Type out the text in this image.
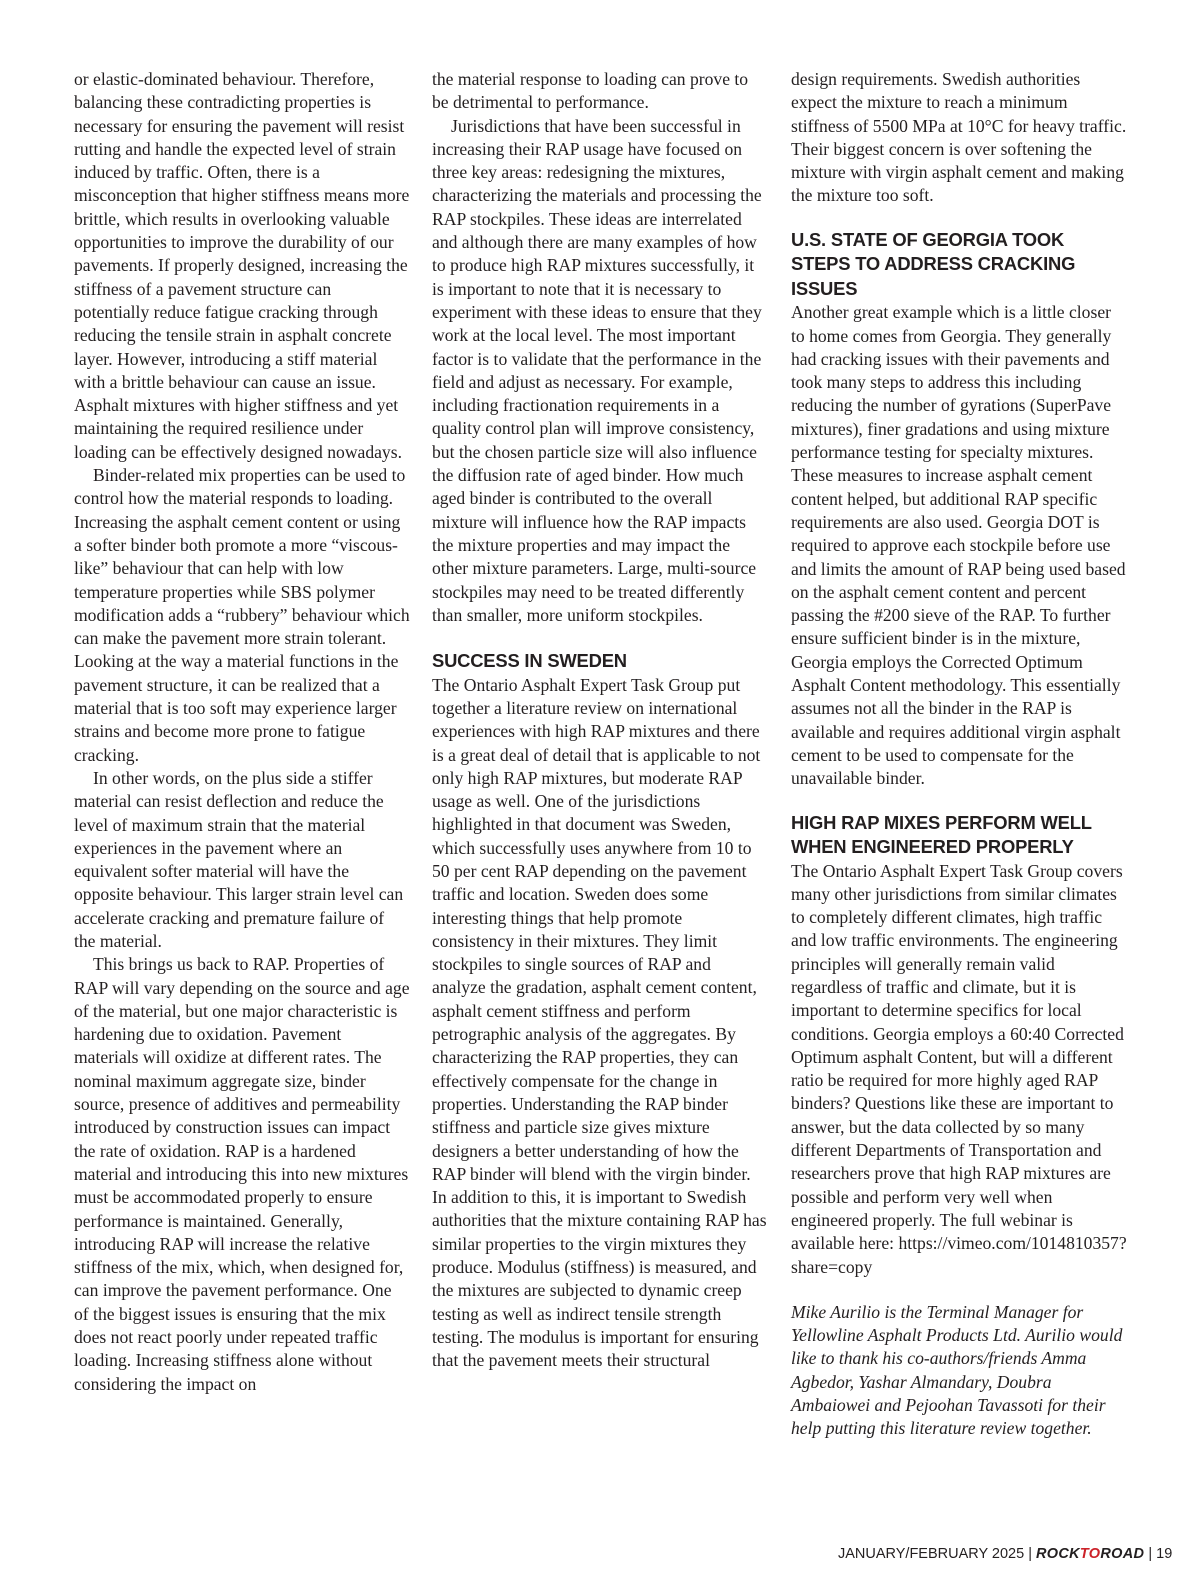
or elastic-dominated behaviour. Therefore, balancing these contradicting properties is necessary for ensuring the pavement will resist rutting and handle the expected level of strain induced by traffic. Often, there is a misconception that higher stiffness means more brittle, which results in overlooking valuable opportunities to improve the durability of our pavements. If properly designed, increasing the stiffness of a pavement structure can potentially reduce fatigue cracking through reducing the tensile strain in asphalt concrete layer. However, introducing a stiff material with a brittle behaviour can cause an issue. Asphalt mixtures with higher stiffness and yet maintaining the required resilience under loading can be effectively designed nowadays.

Binder-related mix properties can be used to control how the material responds to loading. Increasing the asphalt cement content or using a softer binder both promote a more “viscous-like” behaviour that can help with low temperature properties while SBS polymer modification adds a “rubbery” behaviour which can make the pavement more strain tolerant. Looking at the way a material functions in the pavement structure, it can be realized that a material that is too soft may experience larger strains and become more prone to fatigue cracking.

In other words, on the plus side a stiffer material can resist deflection and reduce the level of maximum strain that the material experiences in the pavement where an equivalent softer material will have the opposite behaviour. This larger strain level can accelerate cracking and premature failure of the material.

This brings us back to RAP. Properties of RAP will vary depending on the source and age of the material, but one major characteristic is hardening due to oxidation. Pavement materials will oxidize at different rates. The nominal maximum aggregate size, binder source, presence of additives and permeability introduced by construction issues can impact the rate of oxidation. RAP is a hardened material and introducing this into new mixtures must be accommodated properly to ensure performance is maintained. Generally, introducing RAP will increase the relative stiffness of the mix, which, when designed for, can improve the pavement performance. One of the biggest issues is ensuring that the mix does not react poorly under repeated traffic loading. Increasing stiffness alone without considering the impact on

the material response to loading can prove to be detrimental to performance.

Jurisdictions that have been successful in increasing their RAP usage have focused on three key areas: redesigning the mixtures, characterizing the materials and processing the RAP stockpiles. These ideas are interrelated and although there are many examples of how to produce high RAP mixtures successfully, it is important to note that it is necessary to experiment with these ideas to ensure that they work at the local level. The most important factor is to validate that the performance in the field and adjust as necessary. For example, including fractionation requirements in a quality control plan will improve consistency, but the chosen particle size will also influence the diffusion rate of aged binder. How much aged binder is contributed to the overall mixture will influence how the RAP impacts the mixture properties and may impact the other mixture parameters. Large, multi-source stockpiles may need to be treated differently than smaller, more uniform stockpiles.

SUCCESS IN SWEDEN

The Ontario Asphalt Expert Task Group put together a literature review on international experiences with high RAP mixtures and there is a great deal of detail that is applicable to not only high RAP mixtures, but moderate RAP usage as well. One of the jurisdictions highlighted in that document was Sweden, which successfully uses anywhere from 10 to 50 per cent RAP depending on the pavement traffic and location. Sweden does some interesting things that help promote consistency in their mixtures. They limit stockpiles to single sources of RAP and analyze the gradation, asphalt cement content, asphalt cement stiffness and perform petrographic analysis of the aggregates. By characterizing the RAP properties, they can effectively compensate for the change in properties. Understanding the RAP binder stiffness and particle size gives mixture designers a better understanding of how the RAP binder will blend with the virgin binder. In addition to this, it is important to Swedish authorities that the mixture containing RAP has similar properties to the virgin mixtures they produce. Modulus (stiffness) is measured, and the mixtures are subjected to dynamic creep testing as well as indirect tensile strength testing. The modulus is important for ensuring that the pavement meets their structural

design requirements. Swedish authorities expect the mixture to reach a minimum stiffness of 5500 MPa at 10°C for heavy traffic. Their biggest concern is over softening the mixture with virgin asphalt cement and making the mixture too soft.

U.S. STATE OF GEORGIA TOOK STEPS TO ADDRESS CRACKING ISSUES

Another great example which is a little closer to home comes from Georgia. They generally had cracking issues with their pavements and took many steps to address this including reducing the number of gyrations (SuperPave mixtures), finer gradations and using mixture performance testing for specialty mixtures. These measures to increase asphalt cement content helped, but additional RAP specific requirements are also used. Georgia DOT is required to approve each stockpile before use and limits the amount of RAP being used based on the asphalt cement content and percent passing the #200 sieve of the RAP. To further ensure sufficient binder is in the mixture, Georgia employs the Corrected Optimum Asphalt Content methodology. This essentially assumes not all the binder in the RAP is available and requires additional virgin asphalt cement to be used to compensate for the unavailable binder.

HIGH RAP MIXES PERFORM WELL WHEN ENGINEERED PROPERLY

The Ontario Asphalt Expert Task Group covers many other jurisdictions from similar climates to completely different climates, high traffic and low traffic environments. The engineering principles will generally remain valid regardless of traffic and climate, but it is important to determine specifics for local conditions. Georgia employs a 60:40 Corrected Optimum asphalt Content, but will a different ratio be required for more highly aged RAP binders? Questions like these are important to answer, but the data collected by so many different Departments of Transportation and researchers prove that high RAP mixtures are possible and perform very well when engineered properly. The full webinar is available here: https://vimeo.com/1014810357?share=copy

Mike Aurilio is the Terminal Manager for Yellowline Asphalt Products Ltd. Aurilio would like to thank his co-authors/friends Amma Agbedor, Yashar Almandary, Doubra Ambaiowei and Pejoohan Tavassoti for their help putting this literature review together.

JANUARY/FEBRUARY 2025 | ROCKTOROAD | 19
